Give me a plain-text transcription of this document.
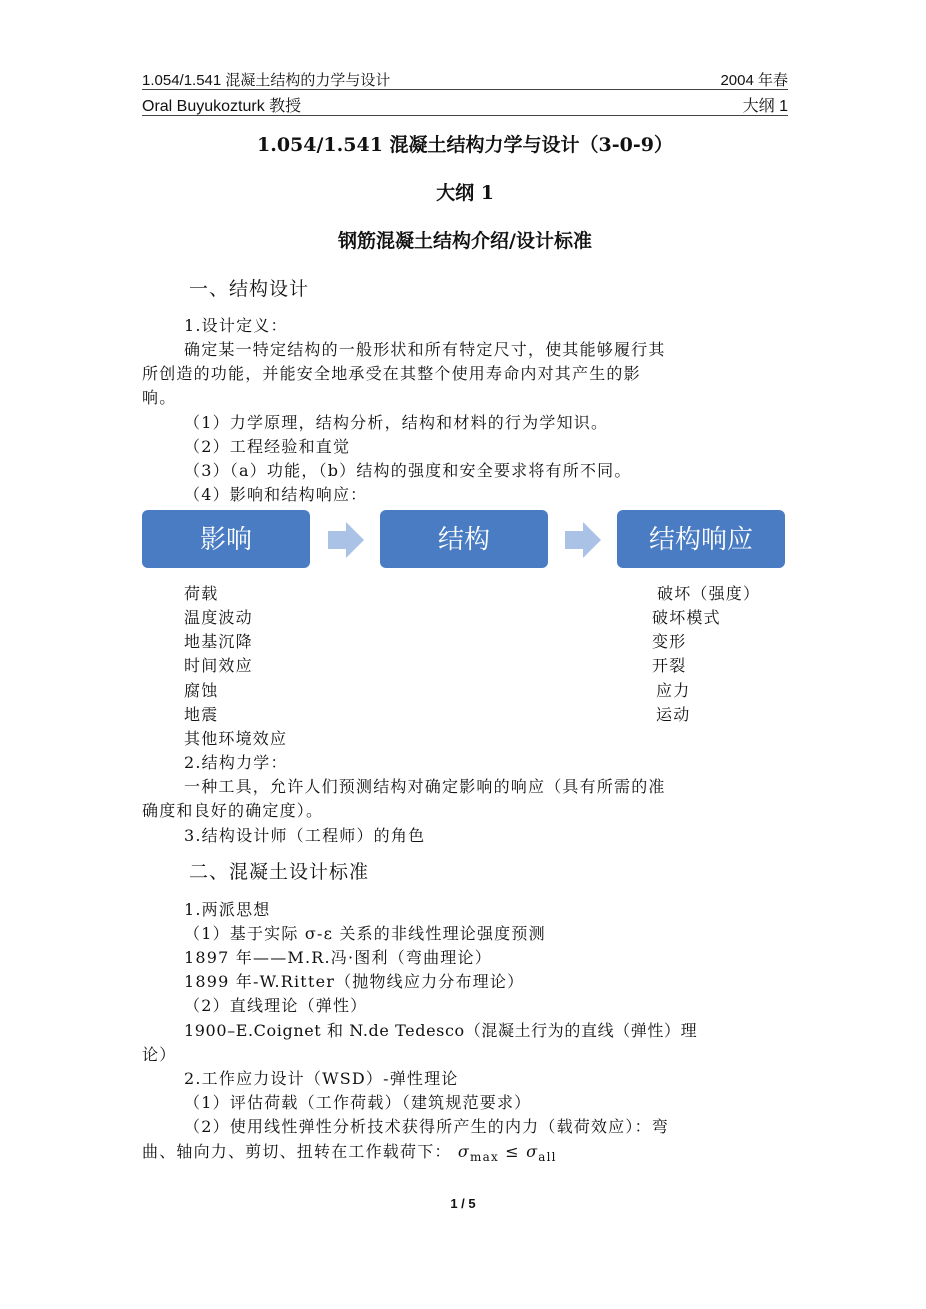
1.054/1.541 混凝土结构的力学与设计	2004 年春
Oral Buyukozturk 教授	大纲 1
1.054/1.541 混凝土结构力学与设计（3-0-9）
大纲 1
钢筋混凝土结构介绍/设计标准
一、结构设计
1.设计定义：
确定某一特定结构的一般形状和所有特定尺寸，使其能够履行其
所创造的功能，并能安全地承受在其整个使用寿命内对其产生的影
响。
（1）力学原理，结构分析，结构和材料的行为学知识。
（2）工程经验和直觉
（3）（a）功能，（b）结构的强度和安全要求将有所不同。
（4）影响和结构响应：
影响	结构	结构响应
荷载
温度波动
地基沉降
时间效应
腐蚀
地震
其他环境效应
破坏（强度）
破坏模式
变形
开裂
应力
运动
2.结构力学：
一种工具，允许人们预测结构对确定影响的响应（具有所需的准
确度和良好的确定度）。
3.结构设计师（工程师）的角色
二、混凝土设计标准
1.两派思想
（1）基于实际 σ-ε 关系的非线性理论强度预测
1897 年——M.R.冯·图利（弯曲理论）
1899 年-W.Ritter（抛物线应力分布理论）
（2）直线理论（弹性）
1900–E.Coignet 和 N.de Tedesco（混凝土行为的直线（弹性）理
论）
2.工作应力设计（WSD）-弹性理论
（1）评估荷载（工作荷载）（建筑规范要求）
（2）使用线性弹性分析技术获得所产生的内力（载荷效应）：弯
曲、轴向力、剪切、扭转在工作载荷下： $\sigma_{max} \le \sigma_{all}$
1 / 5
